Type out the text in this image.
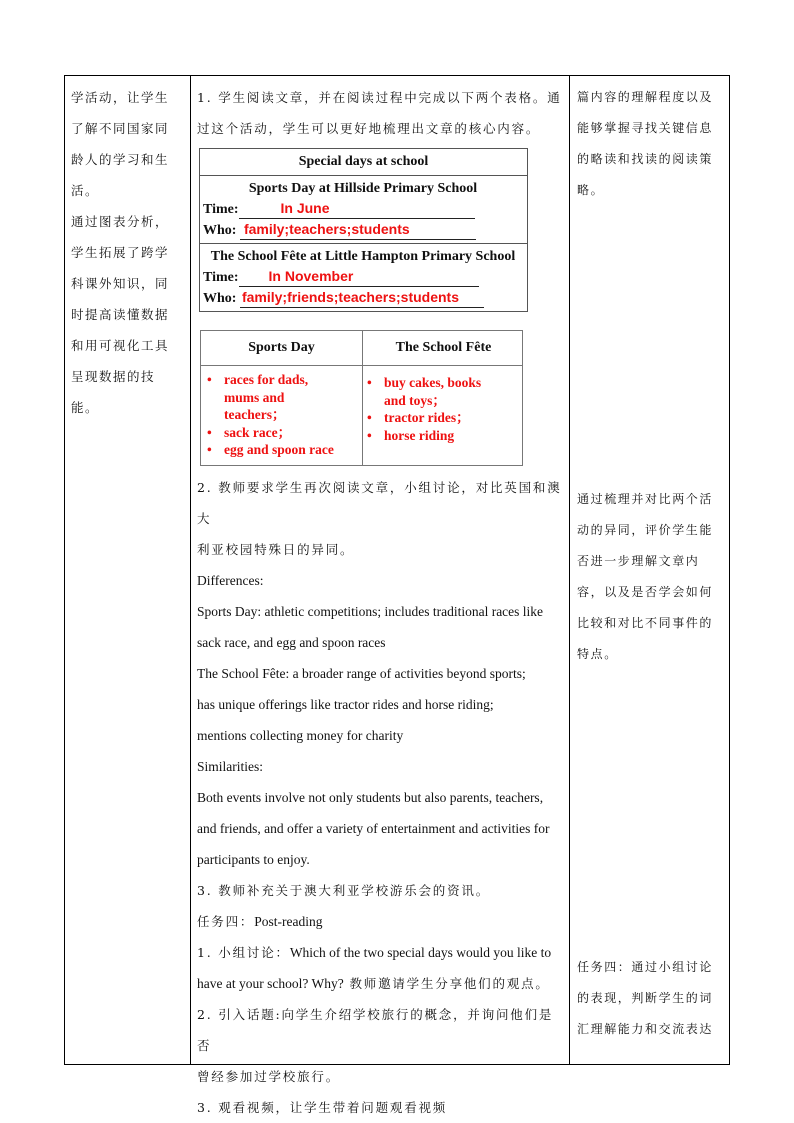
学活动，让学生

了解不同国家同

龄人的学习和生

活。

通过图表分析，

学生拓展了跨学

科课外知识，同

时提高读懂数据

和用可视化工具

呈现数据的技

能。

1. 学生阅读文章，并在阅读过程中完成以下两个表格。通

过这个活动，学生可以更好地梳理出文章的核心内容。

Special days at school
Sports Day at Hillside Primary School
Time:	In June
Who: family;teachers;students
The School Fête at Little Hampton Primary School
Time: In November
Who: family;friends;teachers;students
Sports Day	The School Fête
• races for dads,
mums and
teachers；
• sack race；
• egg and spoon race
• buy cakes, books
and toys；
• tractor rides；
• horse riding

2. 教师要求学生再次阅读文章，小组讨论，对比英国和澳大

利亚校园特殊日的异同。

Differences:

Sports Day: athletic competitions; includes traditional races like

sack race, and egg and spoon races

The School Fête: a broader range of activities beyond sports;

has unique offerings like tractor rides and horse riding;

mentions collecting money for charity

Similarities:

Both events involve not only students but also parents, teachers,

and friends, and offer a variety of entertainment and activities for

participants to enjoy.

3. 教师补充关于澳大利亚学校游乐会的资讯。

任务四：Post-reading

1. 小组讨论：Which of the two special days would you like to

have at your school? Why? 教师邀请学生分享他们的观点。

2. 引入话题:向学生介绍学校旅行的概念，并询问他们是否

曾经参加过学校旅行。

3. 观看视频，让学生带着问题观看视频

篇内容的理解程度以及

能够掌握寻找关键信息

的略读和找读的阅读策

略。

通过梳理并对比两个活

动的异同，评价学生能

否进一步理解文章内

容，以及是否学会如何

比较和对比不同事件的

特点。

任务四：通过小组讨论

的表现，判断学生的词

汇理解能力和交流表达
